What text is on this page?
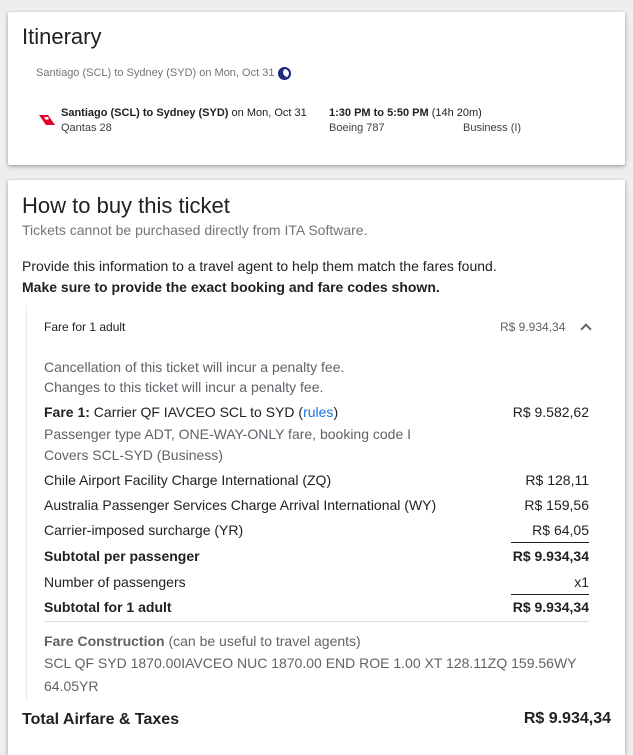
Itinerary
Santiago (SCL) to Sydney (SYD) on Mon, Oct 31
Santiago (SCL) to Sydney (SYD) on Mon, Oct 31
Qantas 28
1:30 PM to 5:50 PM (14h 20m)
Boeing 787	Business (I)
How to buy this ticket
Tickets cannot be purchased directly from ITA Software.
Provide this information to a travel agent to help them match the fares found.
Make sure to provide the exact booking and fare codes shown.
Fare for 1 adult	R$ 9.934,34
Cancellation of this ticket will incur a penalty fee.
Changes to this ticket will incur a penalty fee.
Fare 1: Carrier QF IAVCEO SCL to SYD (rules)	R$ 9.582,62
Passenger type ADT, ONE-WAY-ONLY fare, booking code I
Covers SCL-SYD (Business)
Chile Airport Facility Charge International (ZQ)	R$ 128,11
Australia Passenger Services Charge Arrival International (WY)	R$ 159,56
Carrier-imposed surcharge (YR)	R$ 64,05
Subtotal per passenger	R$ 9.934,34
Number of passengers	x1
Subtotal for 1 adult	R$ 9.934,34
Fare Construction (can be useful to travel agents)
SCL QF SYD 1870.00IAVCEO NUC 1870.00 END ROE 1.00 XT 128.11ZQ 159.56WY
64.05YR
Total Airfare & Taxes	R$ 9.934,34
